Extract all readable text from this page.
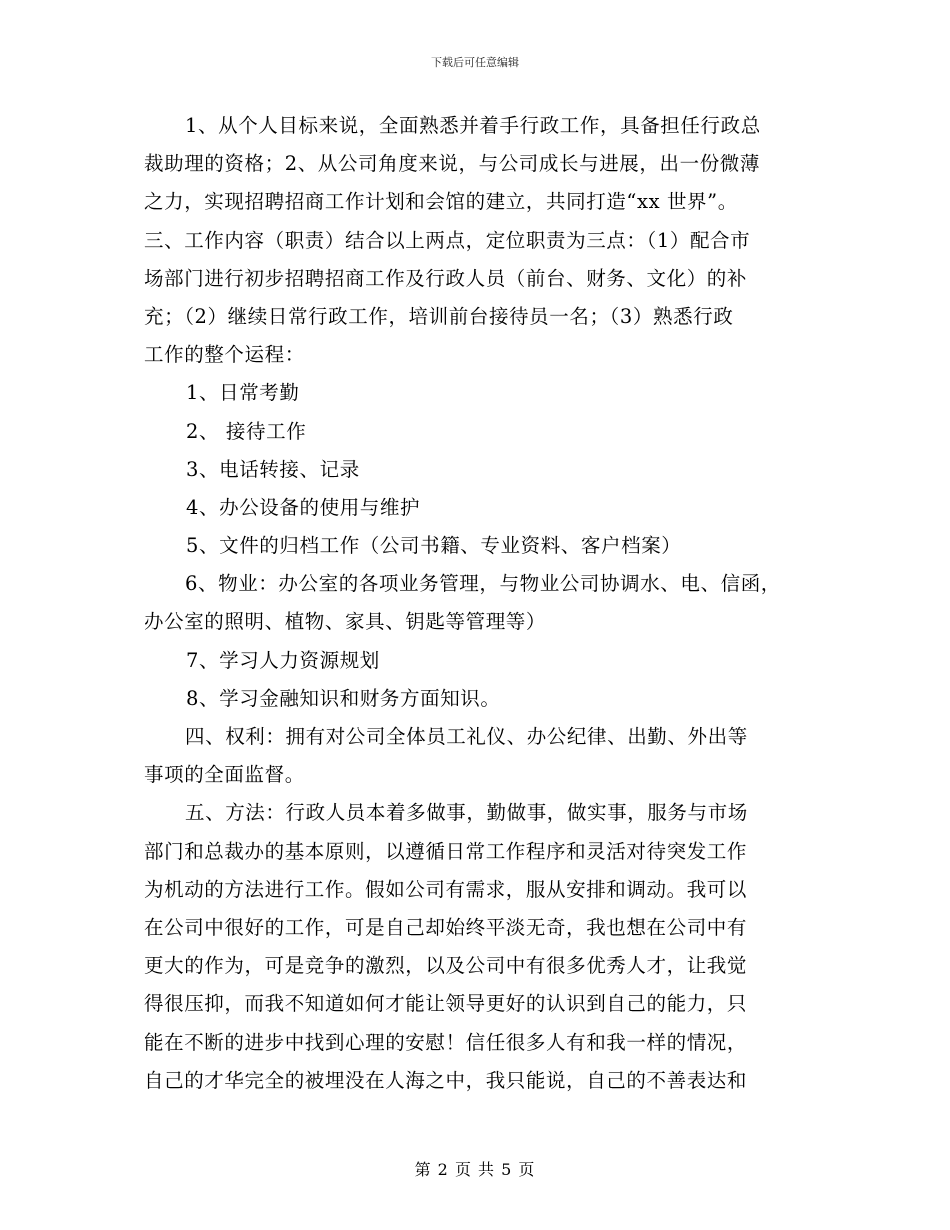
下载后可任意编辑
1、从个人目标来说，全面熟悉并着手行政工作，具备担任行政总
裁助理的资格；2、从公司角度来说，与公司成长与进展，出一份微薄
之力，实现招聘招商工作计划和会馆的建立，共同打造“xx 世界”。
三、工作内容（职责）结合以上两点，定位职责为三点：（1）配合市
场部门进行初步招聘招商工作及行政人员（前台、财务、文化）的补
充；（2）继续日常行政工作，培训前台接待员一名；（3）熟悉行政
工作的整个运程：
1、日常考勤
2、 接待工作
3、电话转接、记录
4、办公设备的使用与维护
5、文件的归档工作（公司书籍、专业资料、客户档案）
6、物业：办公室的各项业务管理，与物业公司协调水、电、信函，
办公室的照明、植物、家具、钥匙等管理等）
7、学习人力资源规划
8、学习金融知识和财务方面知识。
四、权利：拥有对公司全体员工礼仪、办公纪律、出勤、外出等
事项的全面监督。
五、方法：行政人员本着多做事，勤做事，做实事，服务与市场
部门和总裁办的基本原则，以遵循日常工作程序和灵活对待突发工作
为机动的方法进行工作。假如公司有需求，服从安排和调动。我可以
在公司中很好的工作，可是自己却始终平淡无奇，我也想在公司中有
更大的作为，可是竞争的激烈，以及公司中有很多优秀人才，让我觉
得很压抑，而我不知道如何才能让领导更好的认识到自己的能力，只
能在不断的进步中找到心理的安慰！信任很多人有和我一样的情况，
自己的才华完全的被埋没在人海之中，我只能说，自己的不善表达和
第 2 页 共 5 页
